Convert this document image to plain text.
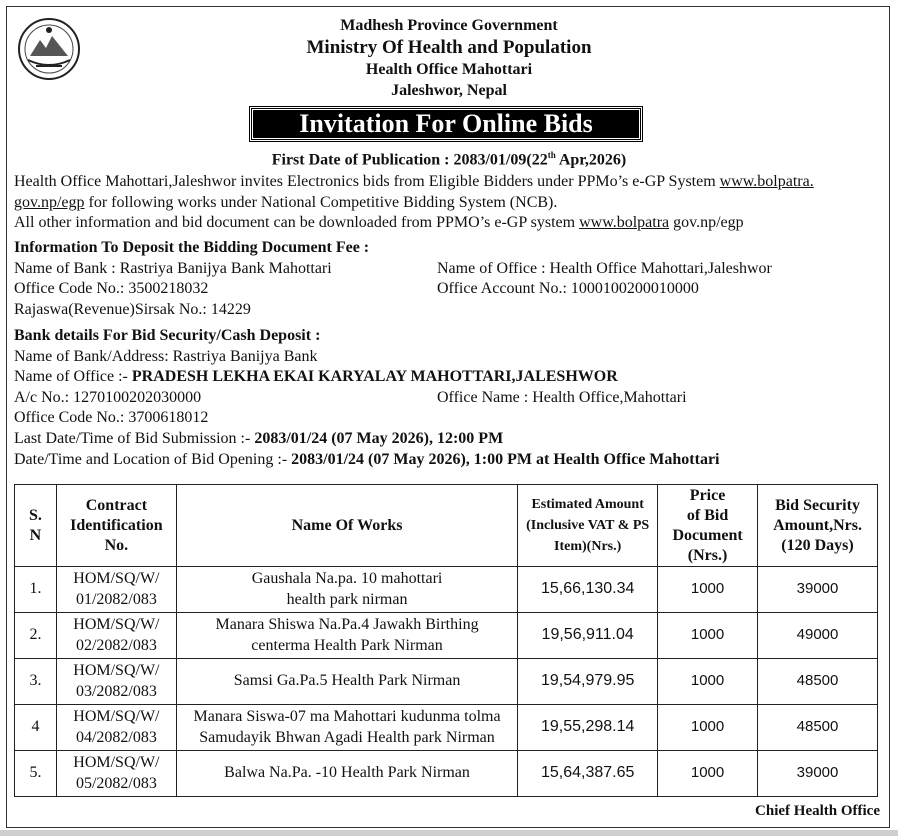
Madhesh Province Government
Ministry Of Health and Population
Health Office Mahottari
Jaleshwor, Nepal
Invitation For Online Bids
First Date of Publication : 2083/01/09(22th Apr,2026)
Health Office Mahottari,Jaleshwor invites Electronics bids from Eligible Bidders under PPMo’s e-GP System www.bolpatra.
gov.np/egp for following works under National Competitive Bidding System (NCB).
All other information and bid document can be downloaded from PPMO’s e-GP system www.bolpatra gov.np/egp
Information To Deposit the Bidding Document Fee :
Name of Bank : Rastriya Banijya Bank Mahottari
Office Code No.: 3500218032
Rajaswa(Revenue)Sirsak No.: 14229
Name of Office : Health Office Mahottari,Jaleshwor
Office Account No.: 1000100200010000
Bank details For Bid Security/Cash Deposit :
Name of Bank/Address: Rastriya Banijya Bank
Name of Office :- PRADESH LEKHA EKAI KARYALAY MAHOTTARI,JALESHWOR
A/c No.: 1270100202030000
Office Code No.: 3700618012
Last Date/Time of Bid Submission :- 2083/01/24 (07 May 2026), 12:00 PM
Date/Time and Location of Bid Opening :- 2083/01/24 (07 May 2026), 1:00 PM at Health Office Mahottari
Office Name : Health Office,Mahottari
S.
N	Contract
Identification
No.	Name Of Works	Estimated Amount
(Inclusive VAT & PS
Item)(Nrs.)	Price
of Bid
Document
(Nrs.)	Bid Security
Amount,Nrs.
(120 Days)
1.	HOM/SQ/W/
01/2082/083	Gaushala Na.pa. 10 mahottari
health park nirman	15,66,130.34	1000	39000
2.	HOM/SQ/W/
02/2082/083	Manara Shiswa Na.Pa.4 Jawakh Birthing
centerma Health Park Nirman	19,56,911.04	1000	49000
3.	HOM/SQ/W/
03/2082/083	Samsi Ga.Pa.5 Health Park Nirman	19,54,979.95	1000	48500
4	HOM/SQ/W/
04/2082/083	Manara Siswa-07 ma Mahottari kudunma tolma
Samudayik Bhwan Agadi Health park Nirman	19,55,298.14	1000	48500
5.	HOM/SQ/W/
05/2082/083	Balwa Na.Pa. -10 Health Park Nirman	15,64,387.65	1000	39000
Chief Health Office
